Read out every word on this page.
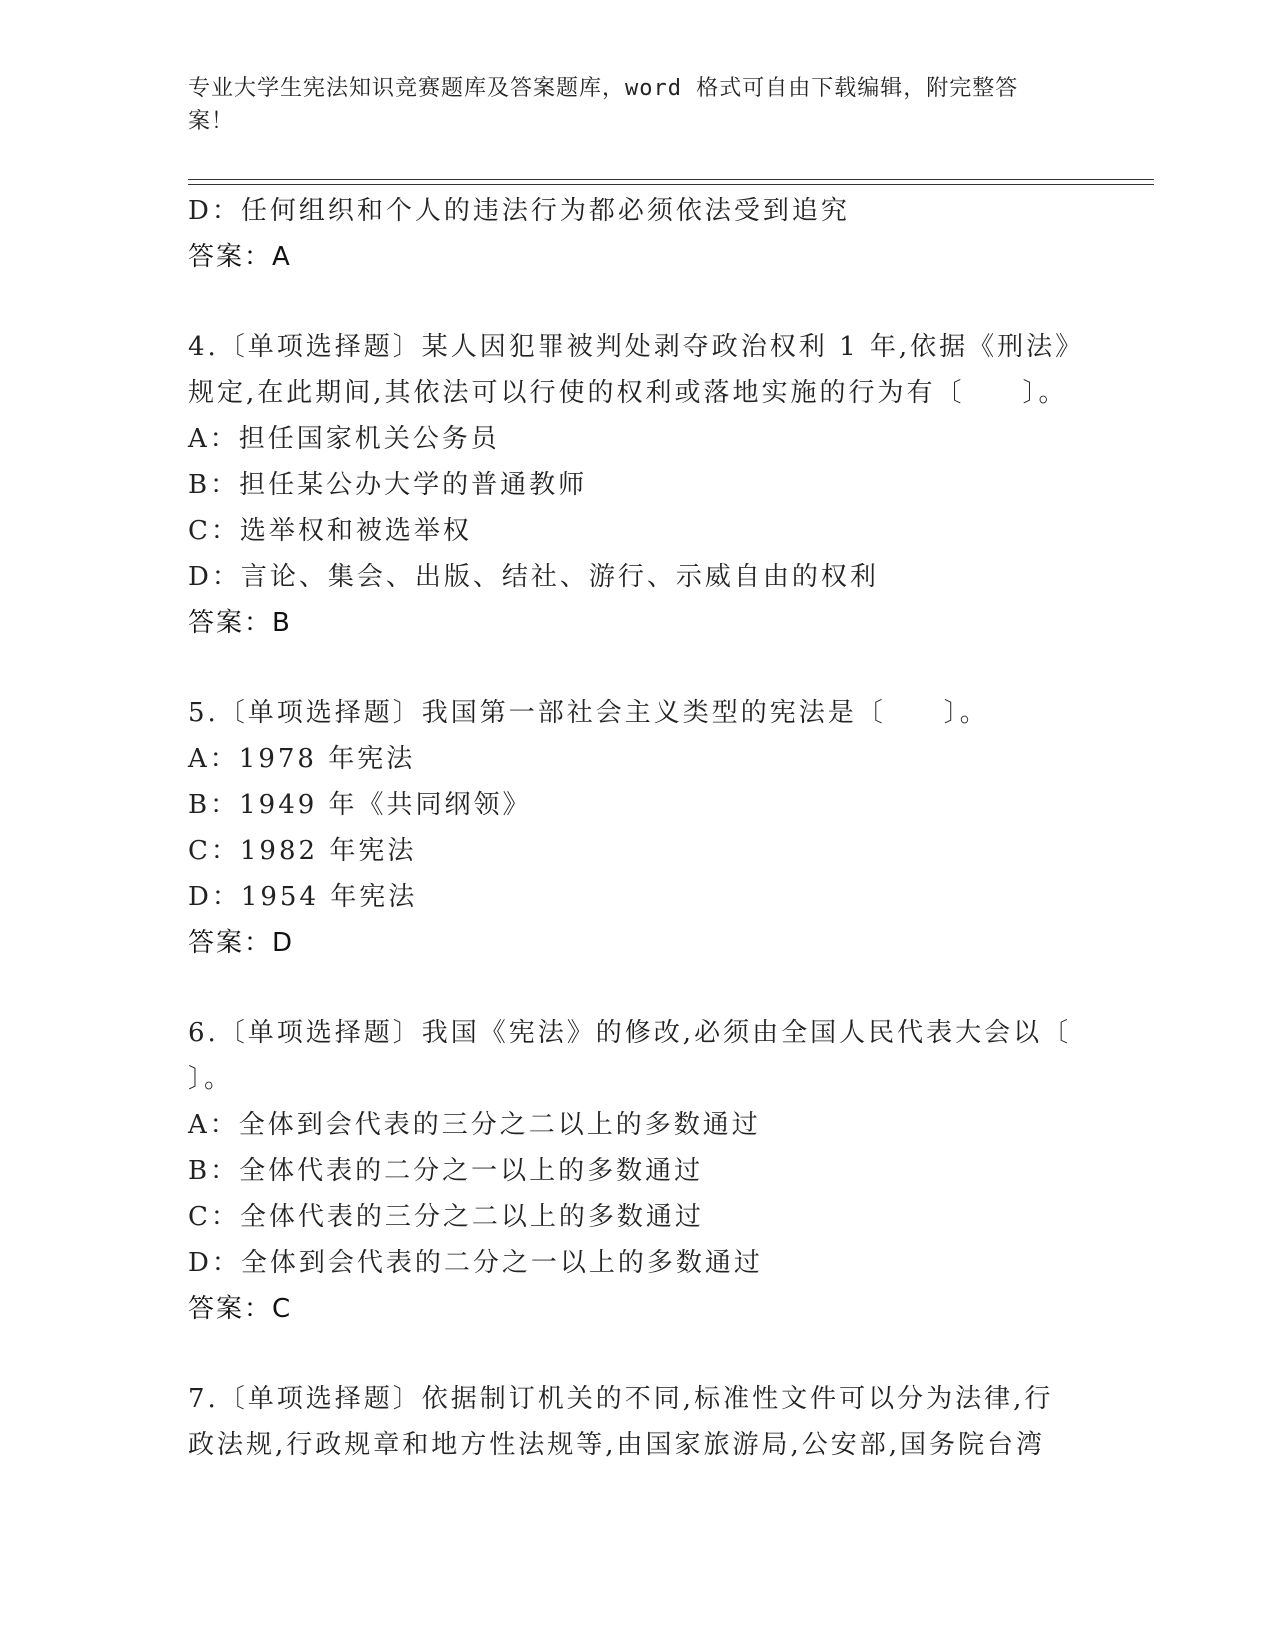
专业大学生宪法知识竞赛题库及答案题库，word 格式可自由下载编辑，附完整答
案！
D：任何组织和个人的违法行为都必须依法受到追究
答案：A
4.〔单项选择题〕某人因犯罪被判处剥夺政治权利 1 年,依据《刑法》
规定,在此期间,其依法可以行使的权利或落地实施的行为有〔　　〕。
A：担任国家机关公务员
B：担任某公办大学的普通教师
C：选举权和被选举权
D：言论、集会、出版、结社、游行、示威自由的权利
答案：B
5.〔单项选择题〕我国第一部社会主义类型的宪法是〔　　〕。
A：1978 年宪法
B：1949 年《共同纲领》
C：1982 年宪法
D：1954 年宪法
答案：D
6.〔单项选择题〕我国《宪法》的修改,必须由全国人民代表大会以〔
〕。
A：全体到会代表的三分之二以上的多数通过
B：全体代表的二分之一以上的多数通过
C：全体代表的三分之二以上的多数通过
D：全体到会代表的二分之一以上的多数通过
答案：C
7.〔单项选择题〕依据制订机关的不同,标准性文件可以分为法律,行
政法规,行政规章和地方性法规等,由国家旅游局,公安部,国务院台湾
